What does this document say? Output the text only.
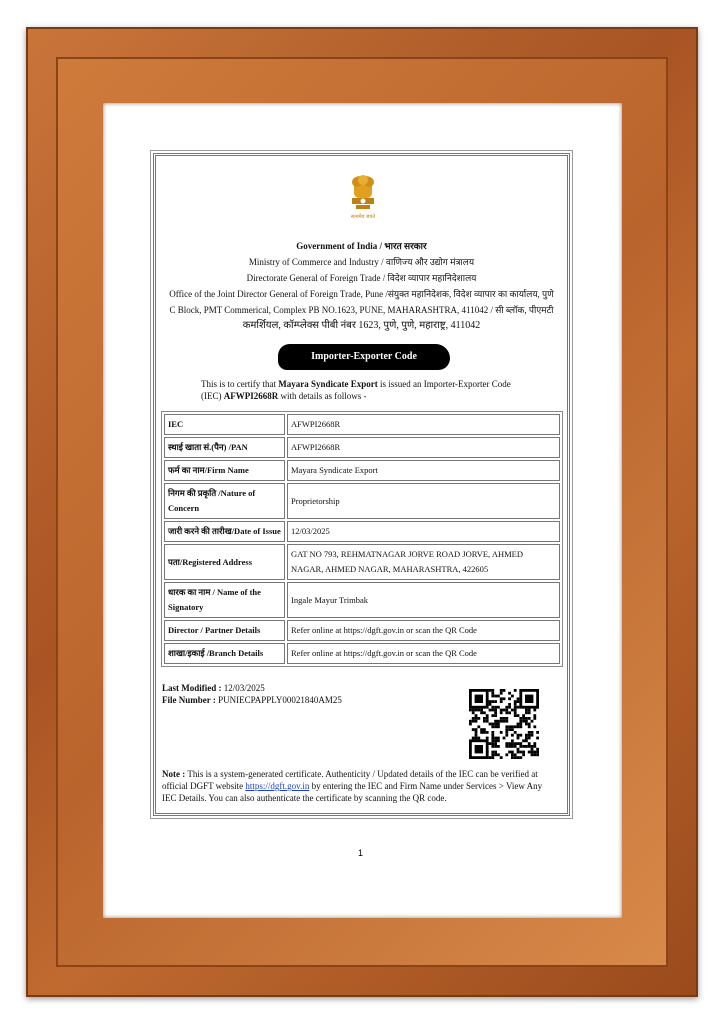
सत्यमेव जयते
Government of India / भारत सरकार
Ministry of Commerce and Industry / वाणिज्य और उद्योग मंत्रालय
Directorate General of Foreign Trade / विदेश व्यापार महानिदेशालय
Office of the Joint Director General of Foreign Trade, Pune /संयुक्त महानिदेशक, विदेश व्यापार का कार्यालय, पुणे
C Block, PMT Commerical, Complex PB NO.1623, PUNE, MAHARASHTRA, 411042 / सी ब्लॉक, पीएमटी
कमर्शियल, कॉम्प्लेक्स पीबी नंबर 1623, पुणे, पुणे, महाराष्ट्र, 411042
Importer-Exporter Code
This is to certify that Mayara Syndicate Export is issued an Importer-Exporter Code (IEC) AFWPI2668R with details as follows -
IEC	AFWPI2668R
स्थाई खाता सं.(पैन) /PAN	AFWPI2668R
फर्म का नाम/Firm Name	Mayara Syndicate Export
निगम की प्रकृति /Nature of Concern	Proprietorship
जारी करने की तारीख/Date of Issue	12/03/2025
पता/Registered Address	GAT NO 793, REHMATNAGAR JORVE ROAD JORVE, AHMED NAGAR, AHMED NAGAR, MAHARASHTRA, 422605
धारक का नाम / Name of the Signatory	Ingale Mayur Trimbak
Director / Partner Details	Refer online at https://dgft.gov.in or scan the QR Code
शाखा/इकाई /Branch Details	Refer online at https://dgft.gov.in or scan the QR Code
Last Modified : 12/03/2025
File Number : PUNIECPAPPLY00021840AM25
Note : This is a system-generated certificate. Authenticity / Updated details of the IEC can be verified at official DGFT website https://dgft.gov.in by entering the IEC and Firm Name under Services > View Any IEC Details. You can also authenticate the certificate by scanning the QR code.
1
